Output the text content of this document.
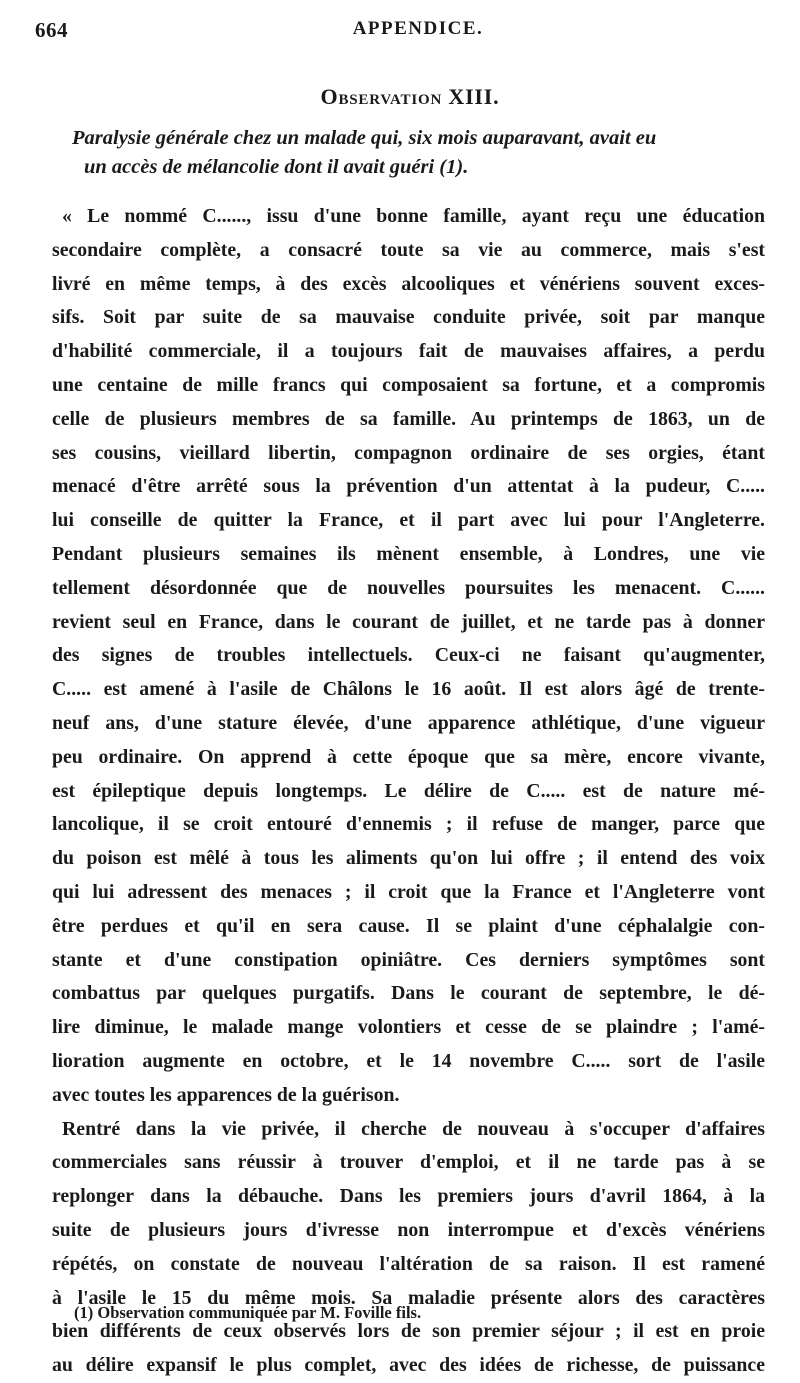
664	APPENDICE.
Observation XIII.
Paralysie générale chez un malade qui, six mois auparavant, avait eu
un accès de mélancolie dont il avait guéri (1).
« Le nommé C......, issu d'une bonne famille, ayant reçu une éducation
secondaire complète, a consacré toute sa vie au commerce, mais s'est
livré en même temps, à des excès alcooliques et vénériens souvent exces-
sifs. Soit par suite de sa mauvaise conduite privée, soit par manque
d'habilité commerciale, il a toujours fait de mauvaises affaires, a perdu
une centaine de mille francs qui composaient sa fortune, et a compromis
celle de plusieurs membres de sa famille. Au printemps de 1863, un de
ses cousins, vieillard libertin, compagnon ordinaire de ses orgies, étant
menacé d'être arrêté sous la prévention d'un attentat à la pudeur, C.....
lui conseille de quitter la France, et il part avec lui pour l'Angleterre.
Pendant plusieurs semaines ils mènent ensemble, à Londres, une vie
tellement désordonnée que de nouvelles poursuites les menacent. C......
revient seul en France, dans le courant de juillet, et ne tarde pas à donner
des signes de troubles intellectuels. Ceux-ci ne faisant qu'augmenter,
C..... est amené à l'asile de Châlons le 16 août. Il est alors âgé de trente-
neuf ans, d'une stature élevée, d'une apparence athlétique, d'une vigueur
peu ordinaire. On apprend à cette époque que sa mère, encore vivante,
est épileptique depuis longtemps. Le délire de C..... est de nature mé-
lancolique, il se croit entouré d'ennemis ; il refuse de manger, parce que
du poison est mêlé à tous les aliments qu'on lui offre ; il entend des voix
qui lui adressent des menaces ; il croit que la France et l'Angleterre vont
être perdues et qu'il en sera cause. Il se plaint d'une céphalalgie con-
stante et d'une constipation opiniâtre. Ces derniers symptômes sont
combattus par quelques purgatifs. Dans le courant de septembre, le dé-
lire diminue, le malade mange volontiers et cesse de se plaindre ; l'amé-
lioration augmente en octobre, et le 14 novembre C..... sort de l'asile
avec toutes les apparences de la guérison.
Rentré dans la vie privée, il cherche de nouveau à s'occuper d'affaires
commerciales sans réussir à trouver d'emploi, et il ne tarde pas à se
replonger dans la débauche. Dans les premiers jours d'avril 1864, à la
suite de plusieurs jours d'ivresse non interrompue et d'excès vénériens
répétés, on constate de nouveau l'altération de sa raison. Il est ramené
à l'asile le 15 du même mois. Sa maladie présente alors des caractères
bien différents de ceux observés lors de son premier séjour ; il est en proie
au délire expansif le plus complet, avec des idées de richesse, de puissance
(1) Observation communiquée par M. Foville fils.
